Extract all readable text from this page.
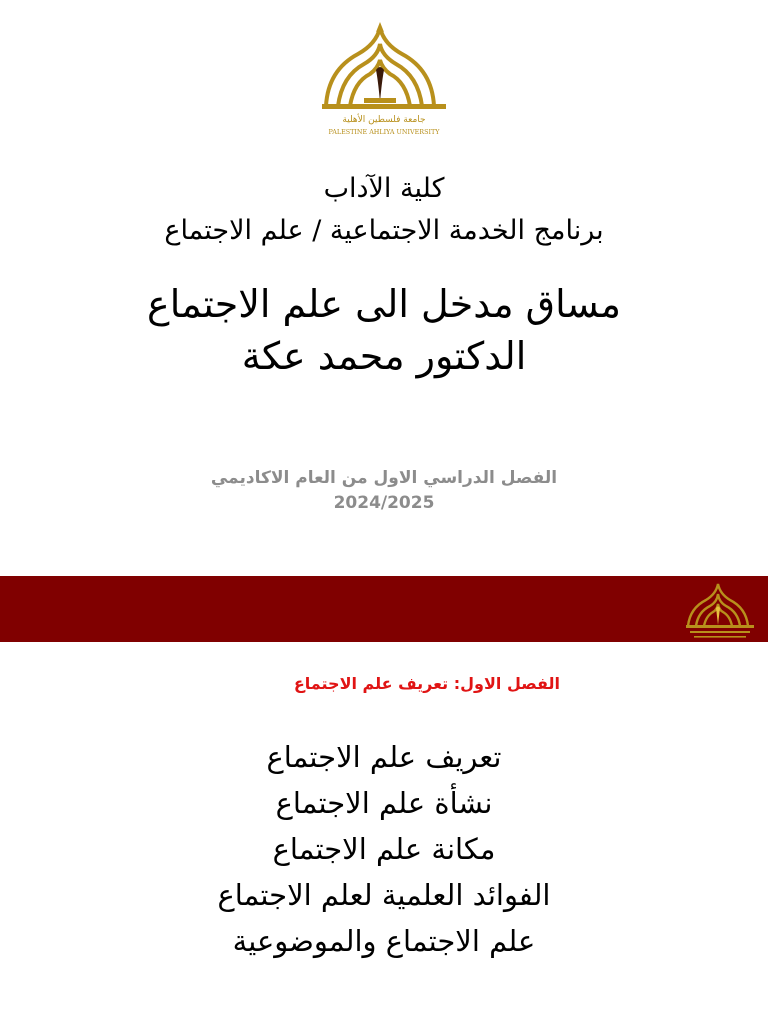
جامعة فلسطين الأهلية
PALESTINE AHLIYA UNIVERSITY
كلية الآداب
برنامج الخدمة الاجتماعية / علم الاجتماع
مساق مدخل الى علم الاجتماع
الدكتور محمد عكة
الفصل الدراسي الاول من العام الاكاديمي
2024/2025
الفصل الاول: تعريف علم الاجتماع
تعريف علم الاجتماع
نشأة علم الاجتماع
مكانة علم الاجتماع
الفوائد العلمية لعلم الاجتماع
علم الاجتماع والموضوعية
